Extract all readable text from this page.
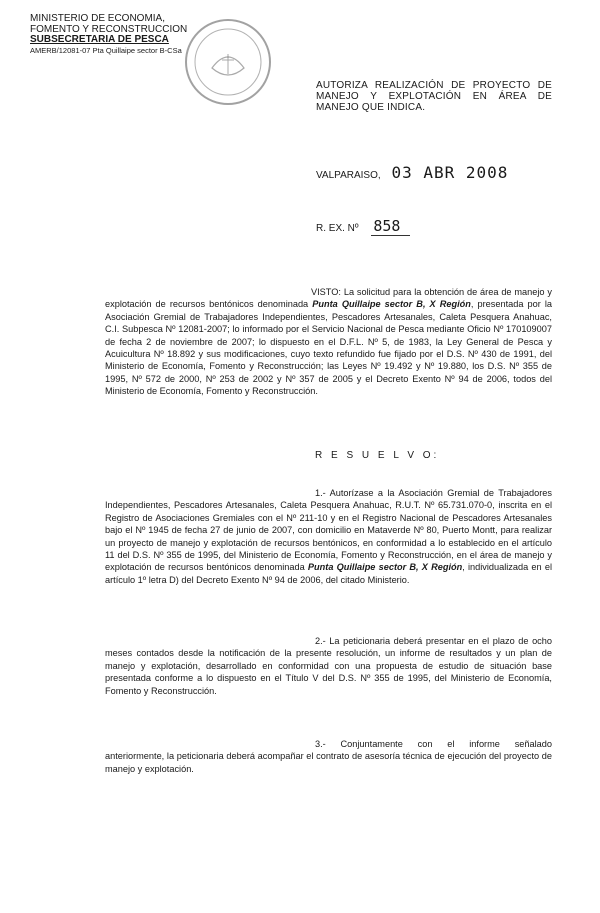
MINISTERIO DE ECONOMIA,
FOMENTO Y RECONSTRUCCION
SUBSECRETARIA DE PESCA
AMERB/12081-07 Pta Quillaipe sector B-CSa
AUTORIZA REALIZACIÓN DE PROYECTO DE MANEJO Y EXPLOTACIÓN EN ÁREA DE MANEJO QUE INDICA.
VALPARAISO, 03 ABR 2008
R. EX. Nº 858
VISTO: La solicitud para la obtención de área de manejo y explotación de recursos bentónicos denominada Punta Quillaipe sector B, X Región, presentada por la Asociación Gremial de Trabajadores Independientes, Pescadores Artesanales, Caleta Pesquera Anahuac, C.I. Subpesca Nº 12081-2007; lo informado por el Servicio Nacional de Pesca mediante Oficio Nº 170109007 de fecha 2 de noviembre de 2007; lo dispuesto en el D.F.L. Nº 5, de 1983, la Ley General de Pesca y Acuicultura Nº 18.892 y sus modificaciones, cuyo texto refundido fue fijado por el D.S. Nº 430 de 1991, del Ministerio de Economía, Fomento y Reconstrucción; las Leyes Nº 19.492 y Nº 19.880, los D.S. Nº 355 de 1995, Nº 572 de 2000, Nº 253 de 2002 y Nº 357 de 2005 y el Decreto Exento Nº 94 de 2006, todos del Ministerio de Economía, Fomento y Reconstrucción.
R E S U E L V O:
1.- Autorízase a la Asociación Gremial de Trabajadores Independientes, Pescadores Artesanales, Caleta Pesquera Anahuac, R.U.T. Nº 65.731.070-0, inscrita en el Registro de Asociaciones Gremiales con el Nº 211-10 y en el Registro Nacional de Pescadores Artesanales bajo el Nº 1945 de fecha 27 de junio de 2007, con domicilio en Mataverde Nº 80, Puerto Montt, para realizar un proyecto de manejo y explotación de recursos bentónicos, en conformidad a lo establecido en el artículo 11 del D.S. Nº 355 de 1995, del Ministerio de Economía, Fomento y Reconstrucción, en el área de manejo y explotación de recursos bentónicos denominada Punta Quillaipe sector B, X Región, individualizada en el artículo 1º letra D) del Decreto Exento Nº 94 de 2006, del citado Ministerio.
2.- La peticionaria deberá presentar en el plazo de ocho meses contados desde la notificación de la presente resolución, un informe de resultados y un plan de manejo y explotación, desarrollado en conformidad con una propuesta de estudio de situación base presentada conforme a lo dispuesto en el Título V del D.S. Nº 355 de 1995, del Ministerio de Economía, Fomento y Reconstrucción.
3.- Conjuntamente con el informe señalado anteriormente, la peticionaria deberá acompañar el contrato de asesoría técnica de ejecución del proyecto de manejo y explotación.
